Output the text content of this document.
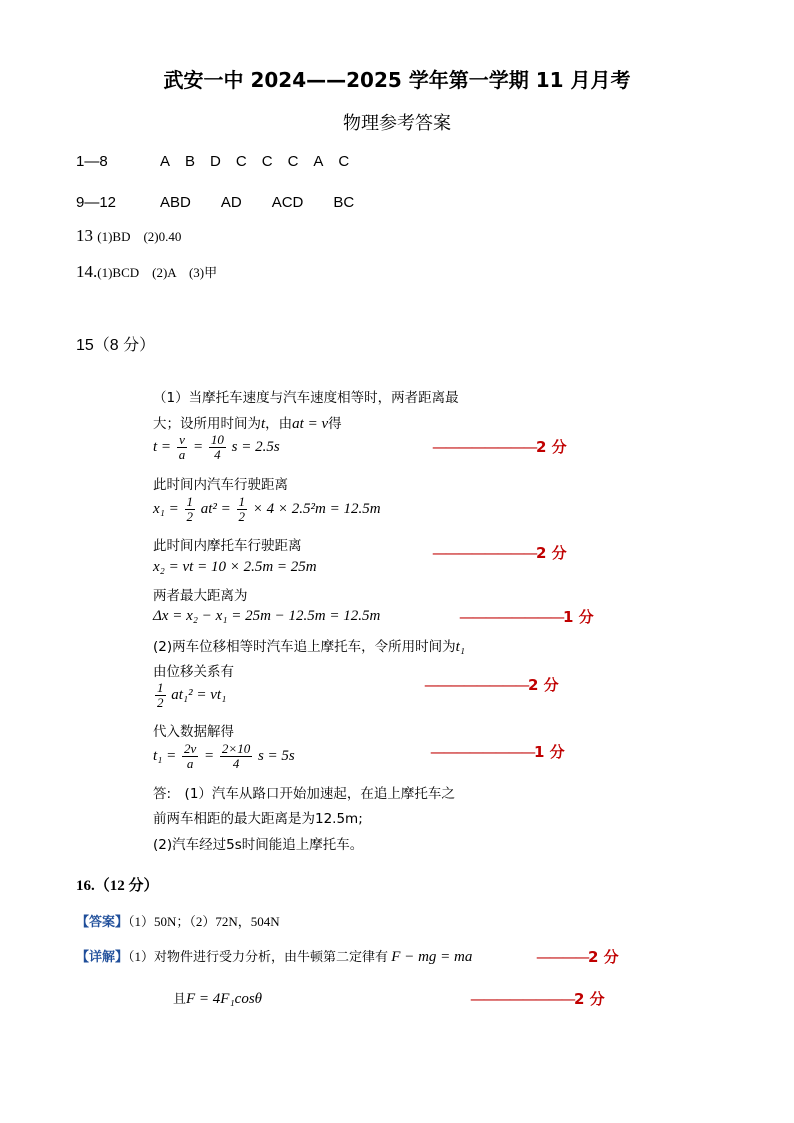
武安一中 2024——2025 学年第一学期 11 月月考
物理参考答案
1—8	A B D C C C A C
9—12	ABD AD ACD BC
13 (1)BD　(2)0.40
14.(1)BCD　(2)A　(3)甲
15（8 分）
（1）当摩托车速度与汽车速度相等时，两者距离最
大；设所用时间为t，由at = v得
$t = \frac{v}{a} = \frac{10}{4}$ s = 2.5s	————————2 分
此时间内汽车行驶距离
$x_1 = \frac{1}{2} at^2 = \frac{1}{2} \times 4 \times 2.5^2m = 12.5m$
此时间内摩托车行驶距离	————————2 分
x₂ = vt = 10 × 2.5m = 25m
两者最大距离为
Δx = x₂ − x₁ = 25m − 12.5m = 12.5m	————————1 分
(2)两车位移相等时汽车追上摩托车，令所用时间为t₁
由位移关系有
$\frac{1}{2} at_1^2 = vt_1$
————————2 分
代入数据解得
$t_1 = \frac{2v}{a} = \frac{2\times 10}{4}$ s = 5s	————————1 分
答:　(1）汽车从路口开始加速起，在追上摩托车之
前两车相距的最大距离是为12.5m;
(2)汽车经过5s时间能追上摩托车。
16.（12 分）
【答案】（1）50N；（2）72N，504N
【详解】（1）对物件进行受力分析，由牛顿第二定律有 F − mg = ma	————2 分
且F = 4F₁cosθ	————————2 分
